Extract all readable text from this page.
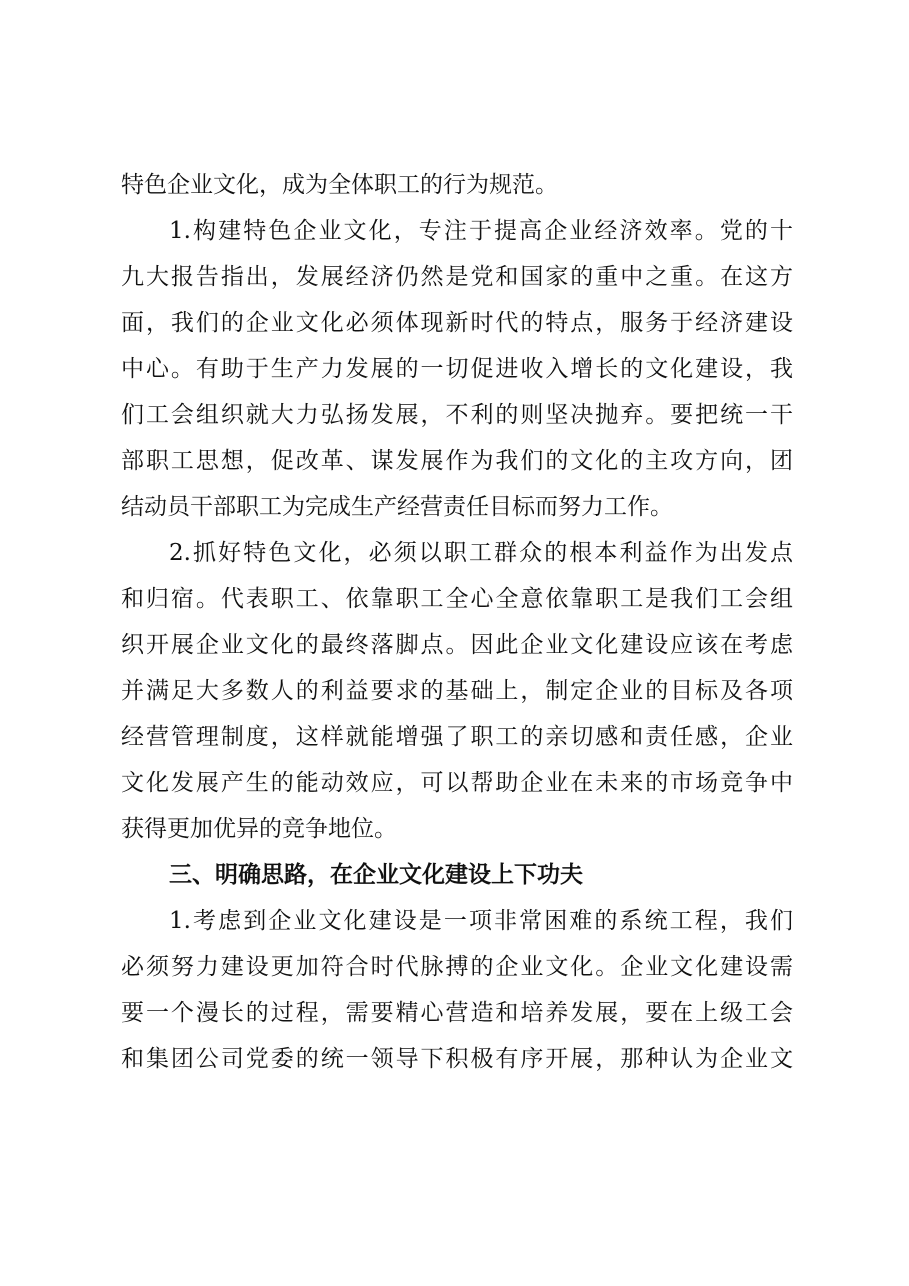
特色企业文化，成为全体职工的行为规范。
1.构建特色企业文化，专注于提高企业经济效率。党的十
九大报告指出，发展经济仍然是党和国家的重中之重。在这方
面，我们的企业文化必须体现新时代的特点，服务于经济建设
中心。有助于生产力发展的一切促进收入增长的文化建设，我
们工会组织就大力弘扬发展，不利的则坚决抛弃。要把统一干
部职工思想，促改革、谋发展作为我们的文化的主攻方向，团
结动员干部职工为完成生产经营责任目标而努力工作。
2.抓好特色文化，必须以职工群众的根本利益作为出发点
和归宿。代表职工、依靠职工全心全意依靠职工是我们工会组
织开展企业文化的最终落脚点。因此企业文化建设应该在考虑
并满足大多数人的利益要求的基础上，制定企业的目标及各项
经营管理制度，这样就能增强了职工的亲切感和责任感，企业
文化发展产生的能动效应，可以帮助企业在未来的市场竞争中
获得更加优异的竞争地位。
三、明确思路，在企业文化建设上下功夫
1.考虑到企业文化建设是一项非常困难的系统工程，我们
必须努力建设更加符合时代脉搏的企业文化。企业文化建设需
要一个漫长的过程，需要精心营造和培养发展，要在上级工会
和集团公司党委的统一领导下积极有序开展，那种认为企业文
